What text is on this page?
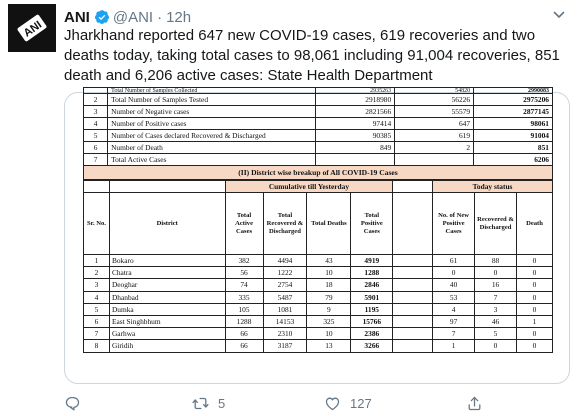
ANI
ANI @ANI · 12h
Jharkhand reported 647 new COVID-19 cases, 619 recoveries and two deaths today, taking total cases to 98,061 including 91,004 recoveries, 851 death and 6,206 active cases: State Health Department
	Total Number of Samples Collected	2935263	54820	2990083
2	Total Number of Samples Tested	2918980	56226	2975206
3	Number of Negative cases	2821566	55579	2877145
4	Number of Positive cases	97414	647	98061
5	Number of Cases declared Recovered & Discharged	90385	619	91004
6	Number of Death	849	2	851
7	Total Active Cases			6206
(II) District wise breakup of All COVID-19 Cases
		Cumulative till Yesterday					Today status		
Sr. No.	District	Total Active Cases	Total Recovered & Discharged	Total Deaths	Total Positive Cases		No. of New Positive Cases	Recovered & Discharged	Death
1	Bokaro	382	4494	43	4919		61	88	0
2	Chatra	56	1222	10	1288		0	0	0
3	Deoghar	74	2754	18	2846		40	16	0
4	Dhanbad	335	5487	79	5901		53	7	0
5	Dumka	105	1081	9	1195		4	3	0
6	East Singhbhum	1288	14153	325	15766		97	46	1
7	Garhwa	66	2310	10	2386		7	5	0
8	Giridih	66	3187	13	3266		1	0	0
5	127
